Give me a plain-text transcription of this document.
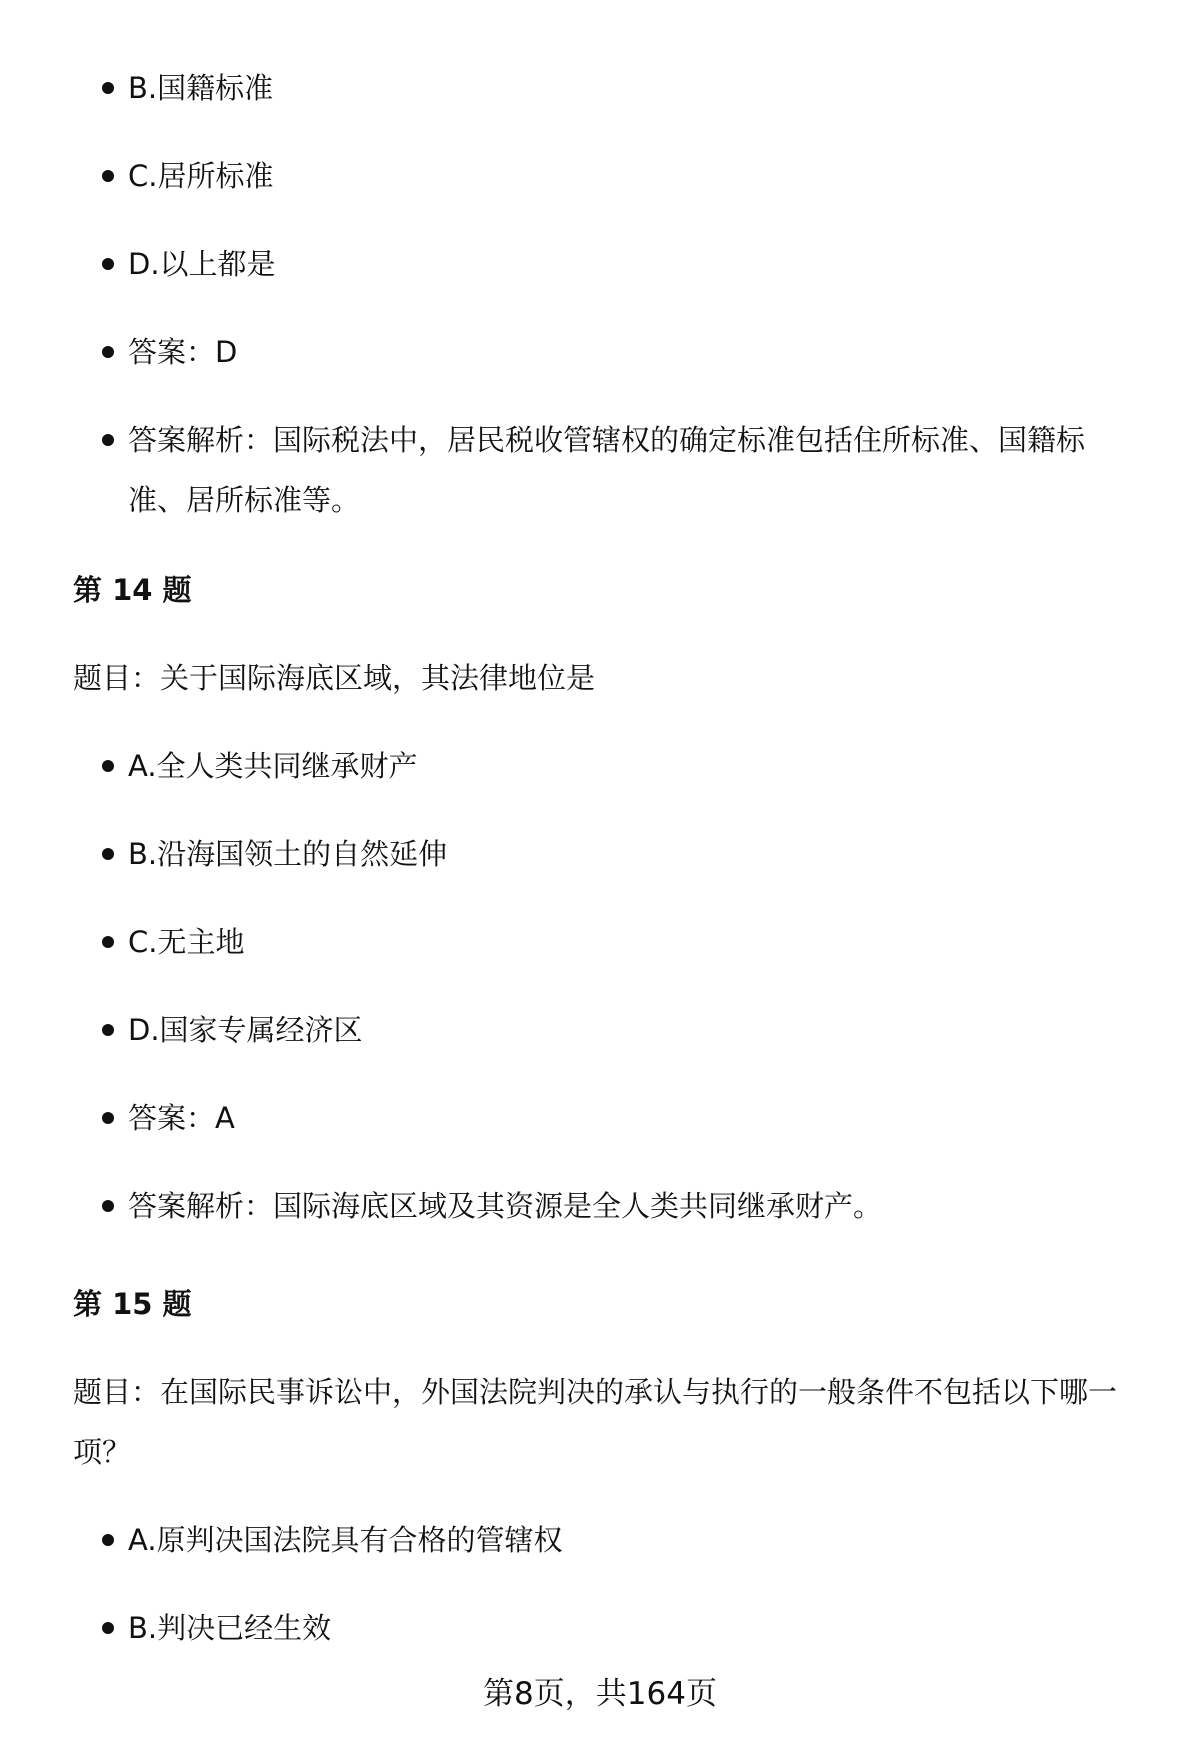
B.国籍标准
C.居所标准
D.以上都是
答案：D
答案解析：国际税法中，居民税收管辖权的确定标准包括住所标准、国籍标准、居所标准等。
第 14 题
题目：关于国际海底区域，其法律地位是
A.全人类共同继承财产
B.沿海国领土的自然延伸
C.无主地
D.国家专属经济区
答案：A
答案解析：国际海底区域及其资源是全人类共同继承财产。
第 15 题
题目：在国际民事诉讼中，外国法院判决的承认与执行的一般条件不包括以下哪一项？
A.原判决国法院具有合格的管辖权
B.判决已经生效
第8页，共164页
